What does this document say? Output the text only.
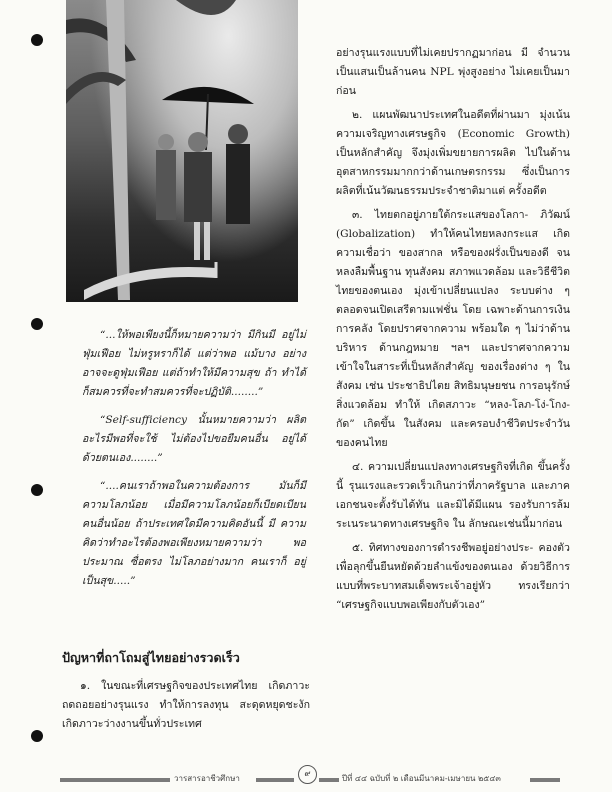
“...ให้พอเพียงนี้ก็หมายความว่า มีกินมี อยู่ไม่ฟุ่มเฟือย ไม่หรูหราก็ได้ แต่ว่าพอ แม้บาง อย่างอาจจะดูฟุ่มเฟือย แต่ถ้าทำให้มีความสุข ถ้า ทำได้ก็สมควรที่จะทำสมควรที่จะปฏิบัติ........”

“Self-sufficiency นั้นหมายความว่า ผลิต อะไรมีพอที่จะใช้ ไม่ต้องไปขอยืมคนอื่น อยู่ได้ ด้วยตนเอง........”

“....คนเราถ้าพอในความต้องการ มันก็มี ความโลภน้อย เมื่อมีความโลภน้อยก็เบียดเบียน คนอื่นน้อย ถ้าประเทศใดมีความคิดอันนี้ มี ความคิดว่าทำอะไรต้องพอเพียงหมายความว่า พอประมาณ ซื่อตรง ไม่โลภอย่างมาก คนเราก็ อยู่เป็นสุข.....”

ปัญหาที่ถาโถมสู่ไทยอย่างรวดเร็ว

๑. ในขณะที่เศรษฐกิจของประเทศไทย เกิดภาวะถดถอยอย่างรุนแรง ทำให้การลงทุน สะดุดหยุดชะงัก เกิดภาวะว่างงานขึ้นทั่วประเทศ

อย่างรุนแรงแบบที่ไม่เคยปรากฏมาก่อน มี จำนวนเป็นแสนเป็นล้านคน NPL พุ่งสูงอย่าง ไม่เคยเป็นมาก่อน

๒. แผนพัฒนาประเทศในอดีตที่ผ่านมา มุ่งเน้นความเจริญทางเศรษฐกิจ (Economic Growth) เป็นหลักสำคัญ จึงมุ่งเพิ่มขยายการผลิต ไปในด้านอุตสาหกรรมมากกว่าด้านเกษตรกรรม ซึ่งเป็นการผลิตที่เน้นวัฒนธรรมประจำชาติมาแต่ ครั้งอดีต

๓. ไทยตกอยู่ภายใต้กระแสของโลกา- ภิวัฒน์ (Globalization) ทำให้คนไทยหลงกระแส เกิดความเชื่อว่า ของสากล หรือของฝรั่งเป็นของดี จนหลงลืมพื้นฐาน ทุนสังคม สภาพแวดล้อม และวิธีชีวิตไทยของตนเอง มุ่งเข้าเปลี่ยนแปลง ระบบต่าง ๆ ตลอดจนเปิดเสรีตามแฟชั่น โดย เฉพาะด้านการเงินการคลัง โดยปราศจากความ พร้อมใด ๆ ไม่ว่าด้านบริหาร ด้านกฎหมาย ฯลฯ และปราศจากความเข้าใจในสาระที่เป็นหลักสำคัญ ของเรื่องต่าง ๆ ในสังคม เช่น ประชาธิปไตย สิทธิมนุษยชน การอนุรักษ์สิ่งแวดล้อม ทำให้ เกิดสภาวะ “หลง-โลภ-โง่-โกง-กัด” เกิดขึ้น ในสังคม และครอบงำชีวิตประจำวันของคนไทย

๔. ความเปลี่ยนแปลงทางเศรษฐกิจที่เกิด ขึ้นครั้งนี้ รุนแรงและรวดเร็วเกินกว่าที่ภาครัฐบาล และภาคเอกชนจะตั้งรับได้ทัน และมิได้มีแผน รองรับการล้มระเนระนาดทางเศรษฐกิจ ใน ลักษณะเช่นนี้มาก่อน

๕. ทิศทางของการดำรงชีพอยู่อย่างประ- คองตัว เพื่อลุกขึ้นยืนหยัดด้วยลำแข้งของตนเอง ด้วยวิธีการแบบที่พระบาทสมเด็จพระเจ้าอยู่หัว ทรงเรียกว่า “เศรษฐกิจแบบพอเพียงกับตัวเอง”

วารสารอาชีวศึกษา	๙	ปีที่ ๔๔ ฉบับที่ ๒ เดือนมีนาคม-เมษายน ๒๕๔๓
